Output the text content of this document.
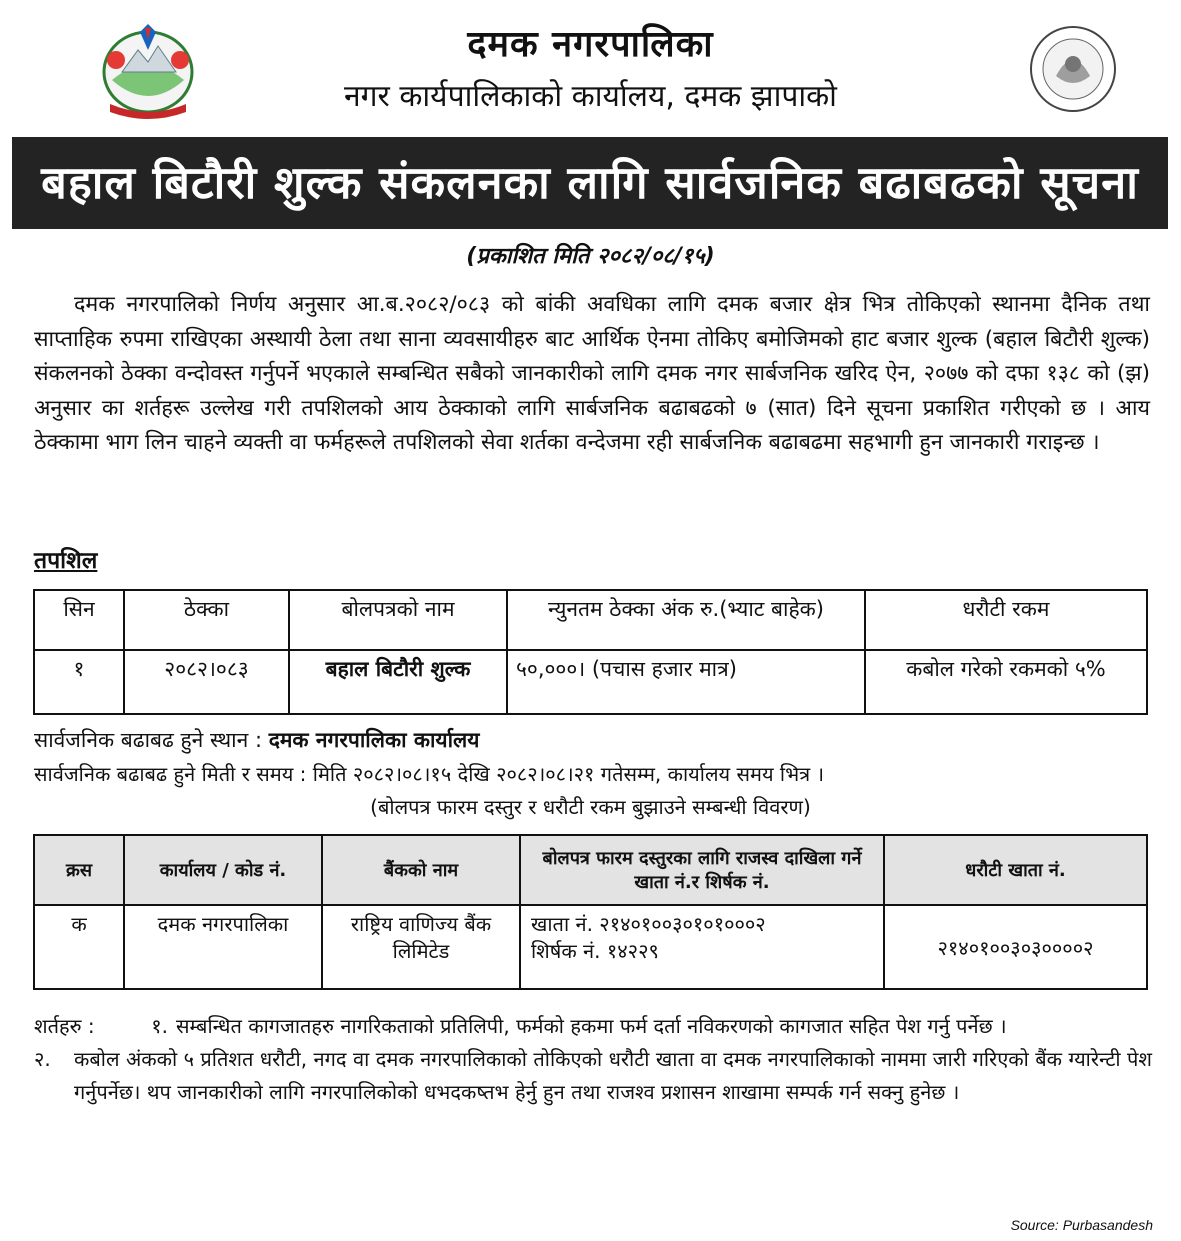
दमक नगरपालिका
नगर कार्यपालिकाको कार्यालय, दमक झापाको
बहाल बिटौरी शुल्क संकलनका लागि सार्वजनिक बढाबढको सूचना
(प्रकाशित मिति २०८२/०८/१५)
दमक नगरपालिको निर्णय अनुसार आ.ब.२०८२/०८३ को बांकी अवधिका लागि दमक बजार क्षेत्र भित्र तोकिएको स्थानमा दैनिक तथा साप्ताहिक रुपमा राखिएका अस्थायी ठेला तथा साना व्यवसायीहरु बाट आर्थिक ऐनमा तोकिए बमोजिमको हाट बजार शुल्क (बहाल बिटौरी शुल्क) संकलनको ठेक्का वन्दोवस्त गर्नुपर्ने भएकाले सम्बन्धित सबैको जानकारीको लागि दमक नगर सार्बजनिक खरिद ऐन, २०७७ को दफा १३८ को (झ) अनुसार का शर्तहरू उल्लेख गरी तपशिलको आय ठेक्काको लागि सार्बजनिक बढाबढको ७ (सात) दिने सूचना प्रकाशित गरीएको छ । आय ठेक्कामा भाग लिन चाहने व्यक्ती वा फर्महरूले तपशिलको सेवा शर्तका वन्देजमा रही सार्बजनिक बढाबढमा सहभागी हुन जानकारी गराइन्छ ।
तपशिल
सिन	ठेक्का	बोलपत्रको नाम	न्युनतम ठेक्का अंक रु.(भ्याट बाहेक)	धरौटी रकम
१	२०८२।०८३	बहाल बिटौरी शुल्क	५०,०००। (पचास हजार मात्र)	कबोल गरेको रकमको ५%
सार्वजनिक बढाबढ हुने स्थान : दमक नगरपालिका कार्यालय
सार्वजनिक बढाबढ हुने मिती र समय : मिति २०८२।०८।१५ देखि २०८२।०८।२१ गतेसम्म, कार्यालय समय भित्र ।
(बोलपत्र फारम दस्तुर र धरौटी रकम बुझाउने सम्बन्धी विवरण)
क्रस	कार्यालय / कोड नं.	बैंकको नाम	बोलपत्र फारम दस्तुरका लागि राजस्व दाखिला गर्ने खाता नं.र शिर्षक नं.	धरौटी खाता नं.
क	दमक नगरपालिका	राष्ट्रिय वाणिज्य बैंक लिमिटेड	खाता नं. २१४०१००३०१०१०००२
शिर्षक नं. १४२२९	२१४०१००३०३००००२
शर्तहरु :	१. सम्बन्धित कागजातहरु नागरिकताको प्रतिलिपी, फर्मको हकमा फर्म दर्ता नविकरणको कागजात सहित पेश गर्नु पर्नेछ ।
२.	कबोल अंकको ५ प्रतिशत धरौटी, नगद वा दमक नगरपालिकाको तोकिएको धरौटी खाता वा दमक नगरपालिकाको नाममा जारी गरिएको बैंक ग्यारेन्टी पेश गर्नुपर्नेछ। थप जानकारीको लागि नगरपालिकोको धभदकष्तभ हेर्नु हुन तथा राजश्व प्रशासन शाखामा सम्पर्क गर्न सक्नु हुनेछ ।
Source: Purbasandesh
